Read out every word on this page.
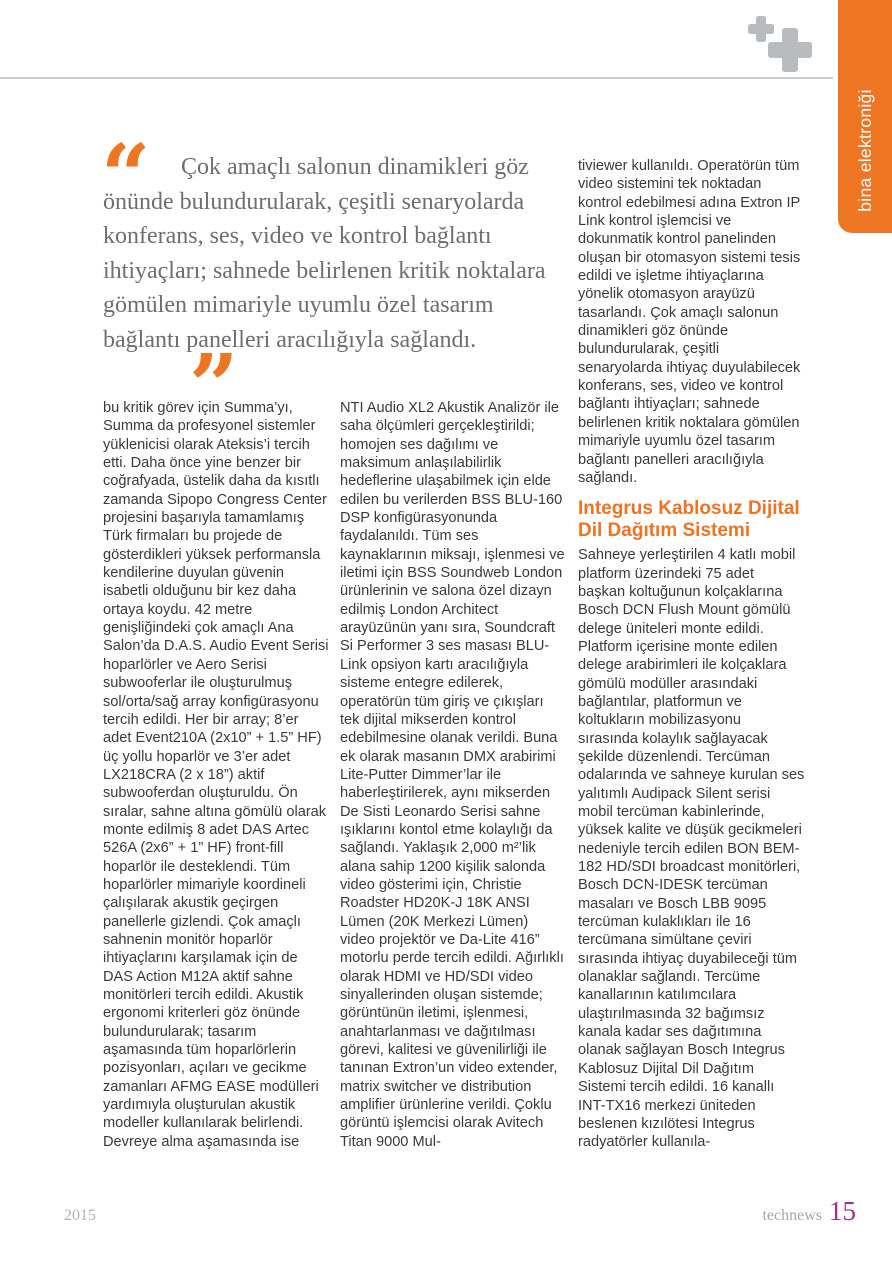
bina elektroniği
“	Çok amaçlı salonun dinamikleri göz önünde bulundurularak, çeşitli senaryolarda konferans, ses, video ve kontrol bağlantı ihtiyaçları; sahnede belirlenen kritik noktalara gömülen mimariyle uyumlu özel tasarım bağlantı panelleri aracılığıyla sağlandı.”

bu kritik görev için Summa’yı, Summa da profesyonel sistemler yüklenicisi olarak Ateksis’i tercih etti. Daha önce yine benzer bir coğrafyada, üstelik daha da kısıtlı zamanda Sipopo Congress Center projesini başarıyla tamamlamış Türk firmaları bu projede de gösterdikleri yüksek performansla kendilerine duyulan güvenin isabetli olduğunu bir kez daha ortaya koydu. 42 metre genişliğindeki çok amaçlı Ana Salon’da D.A.S. Audio Event Serisi hoparlörler ve Aero Serisi subwooferlar ile oluşturulmuş sol/orta/sağ array konfigürasyonu tercih edildi. Her bir array; 8’er adet Event210A (2x10” + 1.5” HF) üç yollu hoparlör ve 3’er adet LX218CRA (2 x 18”) aktif subwooferdan oluşturuldu. Ön sıralar, sahne altına gömülü olarak monte edilmiş 8 adet DAS Artec 526A (2x6” + 1” HF) front-fill hoparlör ile desteklendi. Tüm hoparlörler mimariyle koordineli çalışılarak akustik geçirgen panellerle gizlendi. Çok amaçlı sahnenin monitör hoparlör ihtiyaçlarını karşılamak için de DAS Action M12A aktif sahne monitörleri tercih edildi. Akustik ergonomi kriterleri göz önünde bulundurularak; tasarım aşamasında tüm hoparlörlerin pozisyonları, açıları ve gecikme zamanları AFMG EASE modülleri yardımıyla oluşturulan akustik modeller kullanılarak belirlendi. Devreye alma aşamasında ise

NTI Audio XL2 Akustik Analizör ile saha ölçümleri gerçekleştirildi; homojen ses dağılımı ve maksimum anlaşılabilirlik hedeflerine ulaşabilmek için elde edilen bu verilerden BSS BLU-160 DSP konfigürasyonunda faydalanıldı. Tüm ses kaynaklarının miksajı, işlenmesi ve iletimi için BSS Soundweb London ürünlerinin ve salona özel dizayn edilmiş London Architect arayüzünün yanı sıra, Soundcraft Si Performer 3 ses masası BLU-Link opsiyon kartı aracılığıyla sisteme entegre edilerek, operatörün tüm giriş ve çıkışları tek dijital mikserden kontrol edebilmesine olanak verildi. Buna ek olarak masanın DMX arabirimi Lite-Putter Dimmer’lar ile haberleştirilerek, aynı mikserden De Sisti Leonardo Serisi sahne ışıklarını kontol etme kolaylığı da sağlandı. Yaklaşık 2,000 m²’lik alana sahip 1200 kişilik salonda video gösterimi için, Christie Roadster HD20K-J 18K ANSI Lümen (20K Merkezi Lümen) video projektör ve Da-Lite 416” motorlu perde tercih edildi. Ağırlıklı olarak HDMI ve HD/SDI video sinyallerinden oluşan sistemde; görüntünün iletimi, işlenmesi, anahtarlanması ve dağıtılması görevi, kalitesi ve güvenilirliği ile tanınan Extron’un video extender, matrix switcher ve distribution amplifier ürünlerine verildi. Çoklu görüntü işlemcisi olarak Avitech Titan 9000 Mul-

tiviewer kullanıldı. Operatörün tüm video sistemini tek noktadan kontrol edebilmesi adına Extron IP Link kontrol işlemcisi ve dokunmatik kontrol panelinden oluşan bir otomasyon sistemi tesis edildi ve işletme ihtiyaçlarına yönelik otomasyon arayüzü tasarlandı. Çok amaçlı salonun dinamikleri göz önünde bulundurularak, çeşitli senaryolarda ihtiyaç duyulabilecek konferans, ses, video ve kontrol bağlantı ihtiyaçları; sahnede belirlenen kritik noktalara gömülen mimariyle uyumlu özel tasarım bağlantı panelleri aracılığıyla sağlandı.

Integrus Kablosuz Dijital Dil Dağıtım Sistemi

Sahneye yerleştirilen 4 katlı mobil platform üzerindeki 75 adet başkan koltuğunun kolçaklarına Bosch DCN Flush Mount gömülü delege üniteleri monte edildi. Platform içerisine monte edilen delege arabirimleri ile kolçaklara gömülü modüller arasındaki bağlantılar, platformun ve koltukların mobilizasyonu sırasında kolaylık sağlayacak şekilde düzenlendi. Tercüman odalarında ve sahneye kurulan ses yalıtımlı Audipack Silent serisi mobil tercüman kabinlerinde, yüksek kalite ve düşük gecikmeleri nedeniyle tercih edilen BON BEM-182 HD/SDI broadcast monitörleri, Bosch DCN-IDESK tercüman masaları ve Bosch LBB 9095 tercüman kulaklıkları ile 16 tercümana simültane çeviri sırasında ihtiyaç duyabileceği tüm olanaklar sağlandı. Tercüme kanallarının katılımcılara ulaştırılmasında 32 bağımsız kanala kadar ses dağıtımına olanak sağlayan Bosch Integrus Kablosuz Dijital Dil Dağıtım Sistemi tercih edildi. 16 kanallı INT-TX16 merkezi üniteden beslenen kızılötesi Integrus radyatörler kullanıla-

2015	technews 15
